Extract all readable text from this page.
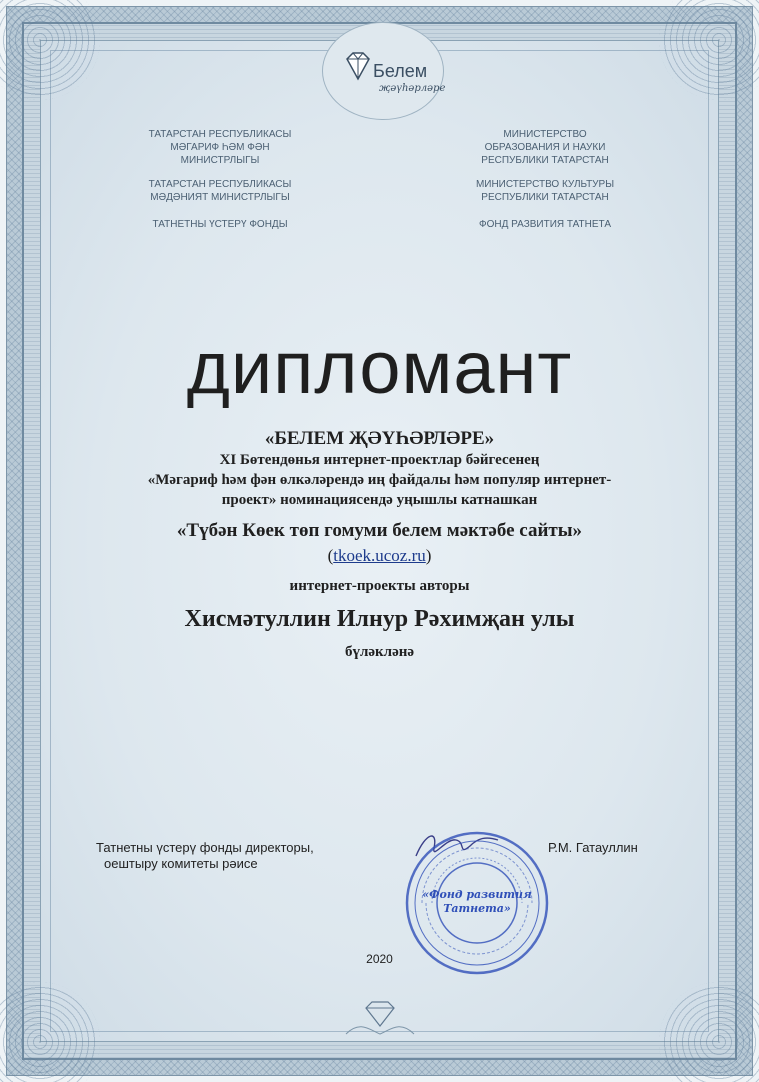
Белем
җәүһәрләре
ТАТАРСТАН РЕСПУБЛИКАСЫ
МӘГАРИФ ҺӘМ ФӘН
МИНИСТРЛЫГЫ
ТАТАРСТАН РЕСПУБЛИКАСЫ
МӘДӘНИЯТ МИНИСТРЛЫГЫ
ТАТНЕТНЫ ҮСТЕРҮ ФОНДЫ
МИНИСТЕРСТВО
ОБРАЗОВАНИЯ И НАУКИ
РЕСПУБЛИКИ ТАТАРСТАН
МИНИСТЕРСТВО КУЛЬТУРЫ
РЕСПУБЛИКИ ТАТАРСТАН
ФОНД РАЗВИТИЯ ТАТНЕТА
дипломант
«БЕЛЕМ ҖӘҮҺӘРЛӘРЕ»
XI Бөтендөнья интернет-проектлар бәйгесенең
«Мәгариф һәм фән өлкәләрендә иң файдалы һәм популяр интернет-
проект» номинациясендә уңышлы катнашкан
«Түбән Көек төп гомуми белем мәктәбе сайты»
(tkoek.ucoz.ru)
интернет-проекты авторы
Хисмәтуллин Илнур Рәхимҗан улы
бүләкләнә
Татнетны үстерү фонды директоры,
оештыру комитеты рәисе
Р.М. Гатауллин
«Фонд развития
Татнета»
2020
